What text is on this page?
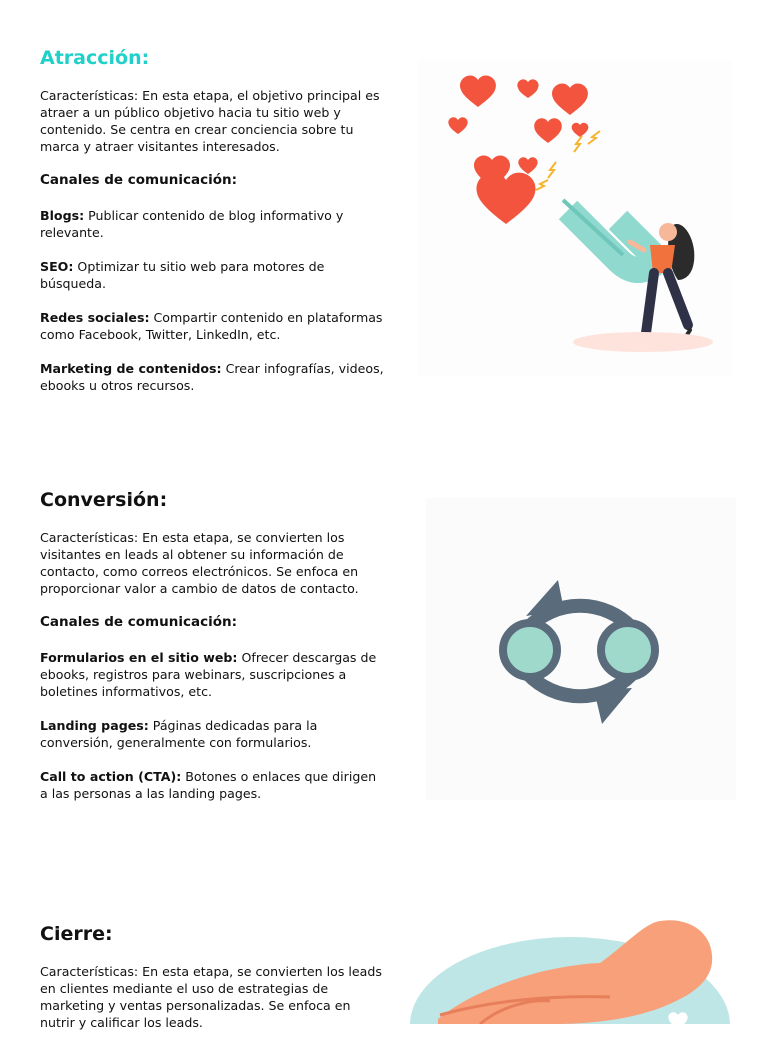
Atracción:

Características: En esta etapa, el objetivo principal es atraer a un público objetivo hacia tu sitio web y contenido. Se centra en crear conciencia sobre tu marca y atraer visitantes interesados.

Canales de comunicación:

Blogs: Publicar contenido de blog informativo y relevante.

SEO: Optimizar tu sitio web para motores de búsqueda.

Redes sociales: Compartir contenido en plataformas como Facebook, Twitter, LinkedIn, etc.

Marketing de contenidos: Crear infografías, videos, ebooks u otros recursos.

Conversión:

Características: En esta etapa, se convierten los visitantes en leads al obtener su información de contacto, como correos electrónicos. Se enfoca en proporcionar valor a cambio de datos de contacto.

Canales de comunicación:

Formularios en el sitio web: Ofrecer descargas de ebooks, registros para webinars, suscripciones a boletines informativos, etc.

Landing pages: Páginas dedicadas para la conversión, generalmente con formularios.

Call to action (CTA): Botones o enlaces que dirigen a las personas a las landing pages.

Cierre:

Características: En esta etapa, se convierten los leads en clientes mediante el uso de estrategias de marketing y ventas personalizadas. Se enfoca en nutrir y calificar los leads.
